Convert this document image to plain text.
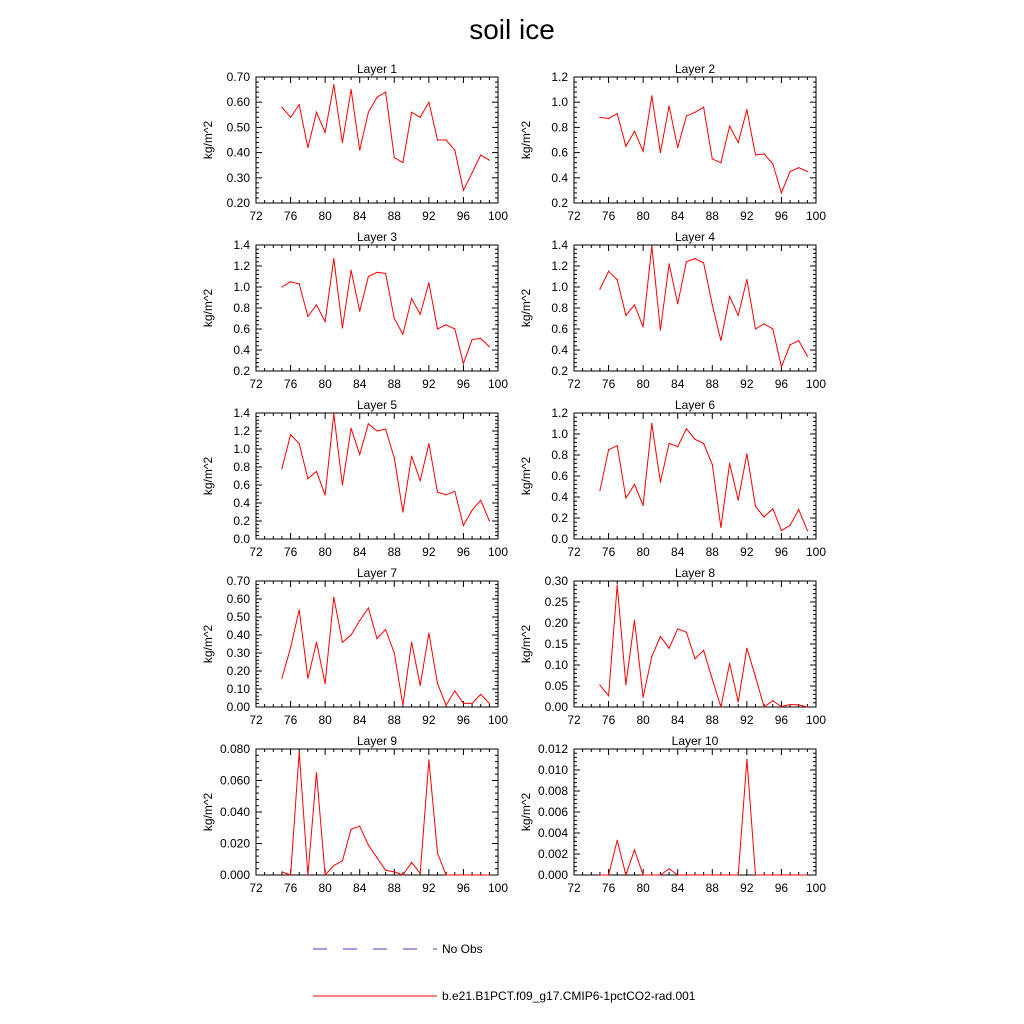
soil ice
Layer 1
kg/m^2
72 76 80 84 88 92 96 100
0.20
0.30
0.40
0.50
0.60
0.70
Layer 2
kg/m^2
72 76 80 84 88 92 96 100
0.2
0.4
0.6
0.8
1.0
1.2
Layer 3
kg/m^2
72 76 80 84 88 92 96 100
0.2
0.4
0.6
0.8
1.0
1.2
1.4
Layer 4
kg/m^2
72 76 80 84 88 92 96 100
0.2
0.4
0.6
0.8
1.0
1.2
1.4
Layer 5
kg/m^2
72 76 80 84 88 92 96 100
0.0
0.2
0.4
0.6
0.8
1.0
1.2
1.4
Layer 6
kg/m^2
72 76 80 84 88 92 96 100
0.0
0.2
0.4
0.6
0.8
1.0
1.2
Layer 7
kg/m^2
72 76 80 84 88 92 96 100
0.00
0.10
0.20
0.30
0.40
0.50
0.60
0.70
Layer 8
kg/m^2
72 76 80 84 88 92 96 100
0.00
0.05
0.10
0.15
0.20
0.25
0.30
Layer 9
kg/m^2
72 76 80 84 88 92 96 100
0.000
0.020
0.040
0.060
0.080
Layer 10
kg/m^2
72 76 80 84 88 92 96 100
0.000
0.002
0.004
0.006
0.008
0.010
0.012
No Obs
b.e21.B1PCT.f09_g17.CMIP6-1pctCO2-rad.001
